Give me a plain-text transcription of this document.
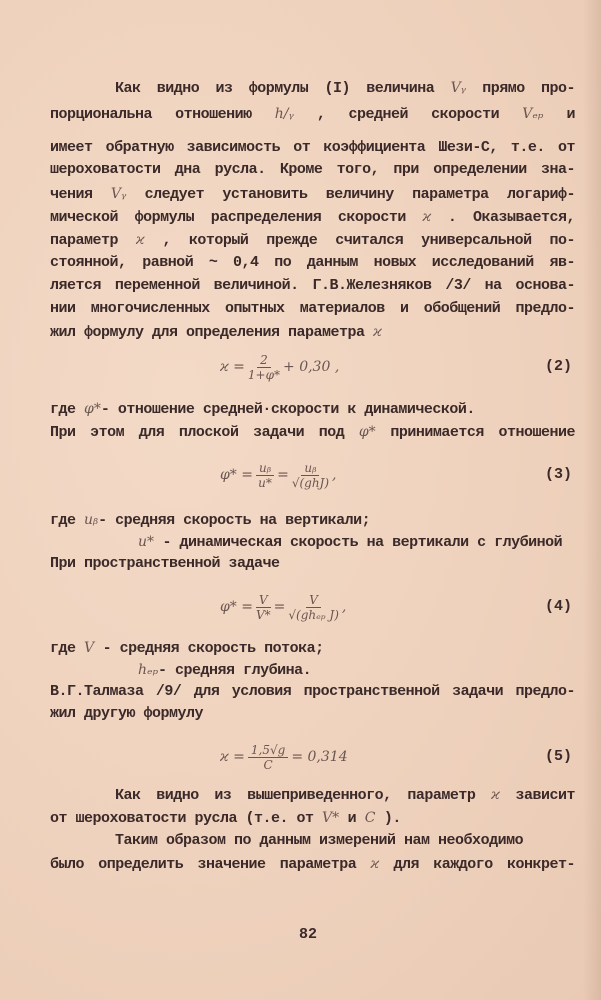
Как видно из формулы (I) величина Vᵧ прямо про-
порциональна отношению h/ᵧ , средней скорости Vₑₚ и
имеет обратную зависимость от коэффициента Шези-С, т.е. от
шероховатости дна русла. Кроме того, при определении зна-
чения Vᵧ следует установить величину параметра логариф-
мической формулы распределения скорости ϰ . Оказывается,
параметр ϰ , который прежде считался универсальной по-
стоянной, равной ~ 0,4 по данным новых исследований яв-
ляется переменной величиной. Г.В.Железняков /3/ на основа-
нии многочисленных опытных материалов и обобщений предло-
жил формулу для определения параметра ϰ
где φ*- отношение средней·скорости к динамической.
При этом для плоской задачи под φ* принимается отношение
где uᵦ- средняя скорость на вертикали;
u* - динамическая скорость на вертикали с глубиной
При пространственной задаче
где V - средняя скорость потока;
hₑₚ- средняя глубина.
В.Г.Талмаза /9/ для условия пространственной задачи предло-
жил другую формулу
Как видно из вышеприведенного, параметр ϰ зависит
от шероховатости русла (т.е. от V* и C ).
Таким образом по данным измерений нам необходимо
было определить значение параметра ϰ для каждого конкрет-
$ϰ = \frac{2}{1+\varphi*} + 0,30$ ,	(2)
$\varphi* = \frac{\text{uᵦ}}{u*} = \frac{\text{uᵦ}}{\text{√(ghJ)}}$ ,	(3)
$\varphi* = \frac{V}{V*} = \frac{V}{\text{√(ghₑₚ J)}}$ ,	(4)
$ϰ = \frac{1,5√g}{C} = 0,314$	(5)
82
